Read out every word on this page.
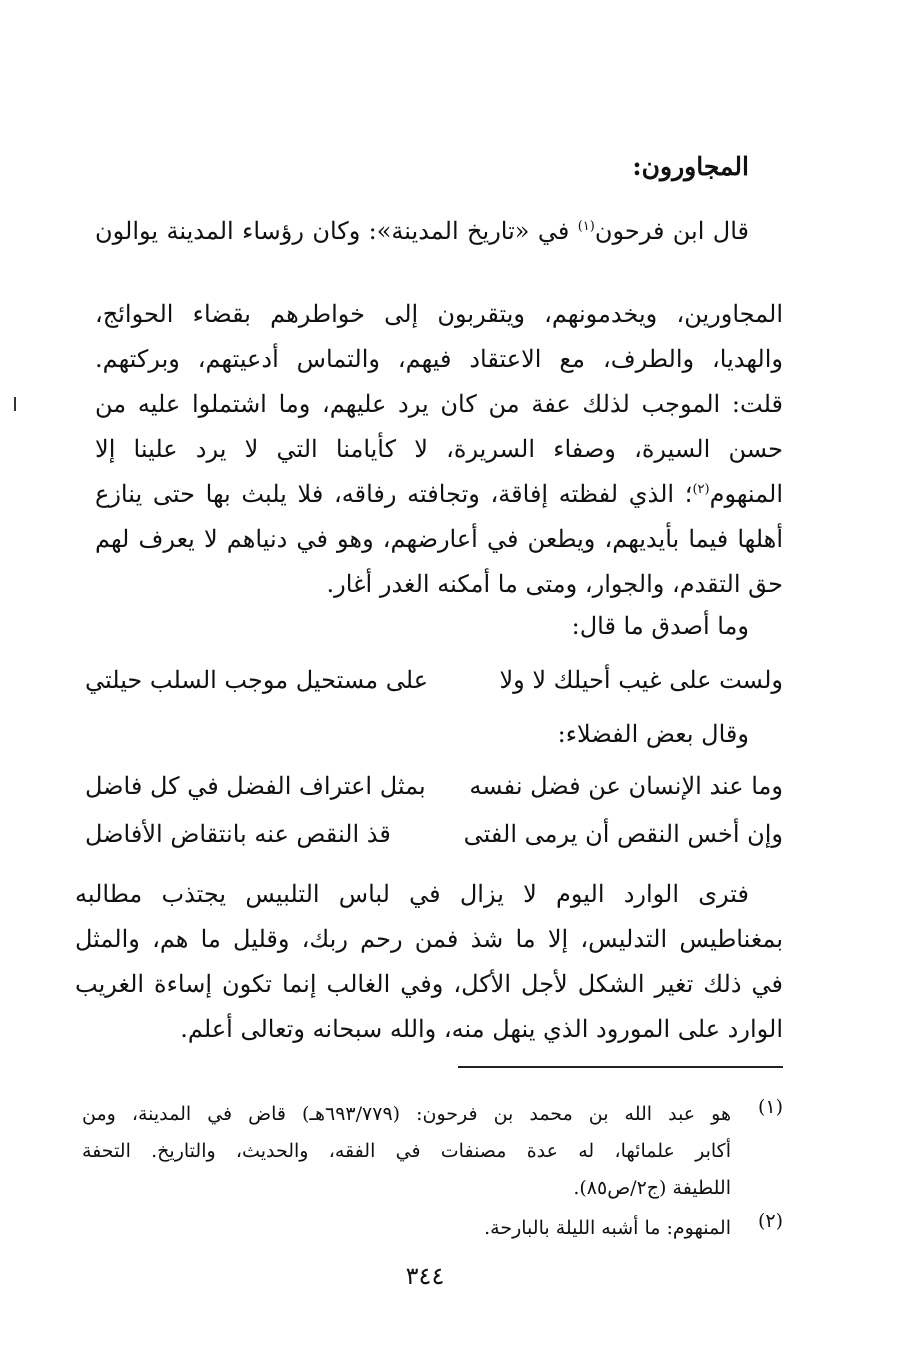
المجاورون:
قال ابن فرحون$^{(١)}$ في «تاريخ المدينة»: وكان رؤساء المدينة يوالون
المجاورين، ويخدمونهم، ويتقربون إلى خواطرهم بقضاء الحوائج،
والهديا، والطرف، مع الاعتقاد فيهم، والتماس أدعيتهم، وبركتهم.
قلت: الموجب لذلك عفة من كان يرد عليهم، وما اشتملوا عليه من
حسن السيرة، وصفاء السريرة، لا كأيامنا التي لا يرد علينا إلا
المنهوم$^{(٢)}$؛ الذي لفظته إفاقة، وتجافته رفاقه، فلا يلبث بها حتى ينازع
أهلها فيما بأيديهم، ويطعن في أعارضهم، وهو في دنياهم لا يعرف لهم
حق التقدم، والجوار، ومتى ما أمكنه الغدر أغار.
وما أصدق ما قال:
ولست على غيب أحيلك لا ولا
على مستحيل موجب السلب حيلتي
وقال بعض الفضلاء:
وما عند الإنسان عن فضل نفسه
بمثل اعتراف الفضل في كل فاضل
وإن أخس النقص أن يرمى الفتى
قذ النقص عنه بانتقاض الأفاضل
فترى الوارد اليوم لا يزال في لباس التلبيس يجتذب مطالبه
بمغناطيس التدليس، إلا ما شذ فمن رحم ربك، وقليل ما هم، والمثل
في ذلك تغير الشكل لأجل الأكل، وفي الغالب إنما تكون إساءة الغريب
الوارد على المورود الذي ينهل منه، والله سبحانه وتعالى أعلم.
(١)
هو عبد الله بن محمد بن فرحون: (٦٩٣/٧٧٩هـ) قاض في المدينة، ومن
أكابر علمائها، له عدة مصنفات في الفقه، والحديث، والتاريخ. التحفة
اللطيفة (ج٢/ص٨٥).
(٢)
المنهوم: ما أشبه الليلة بالبارحة.
٣٤٤
